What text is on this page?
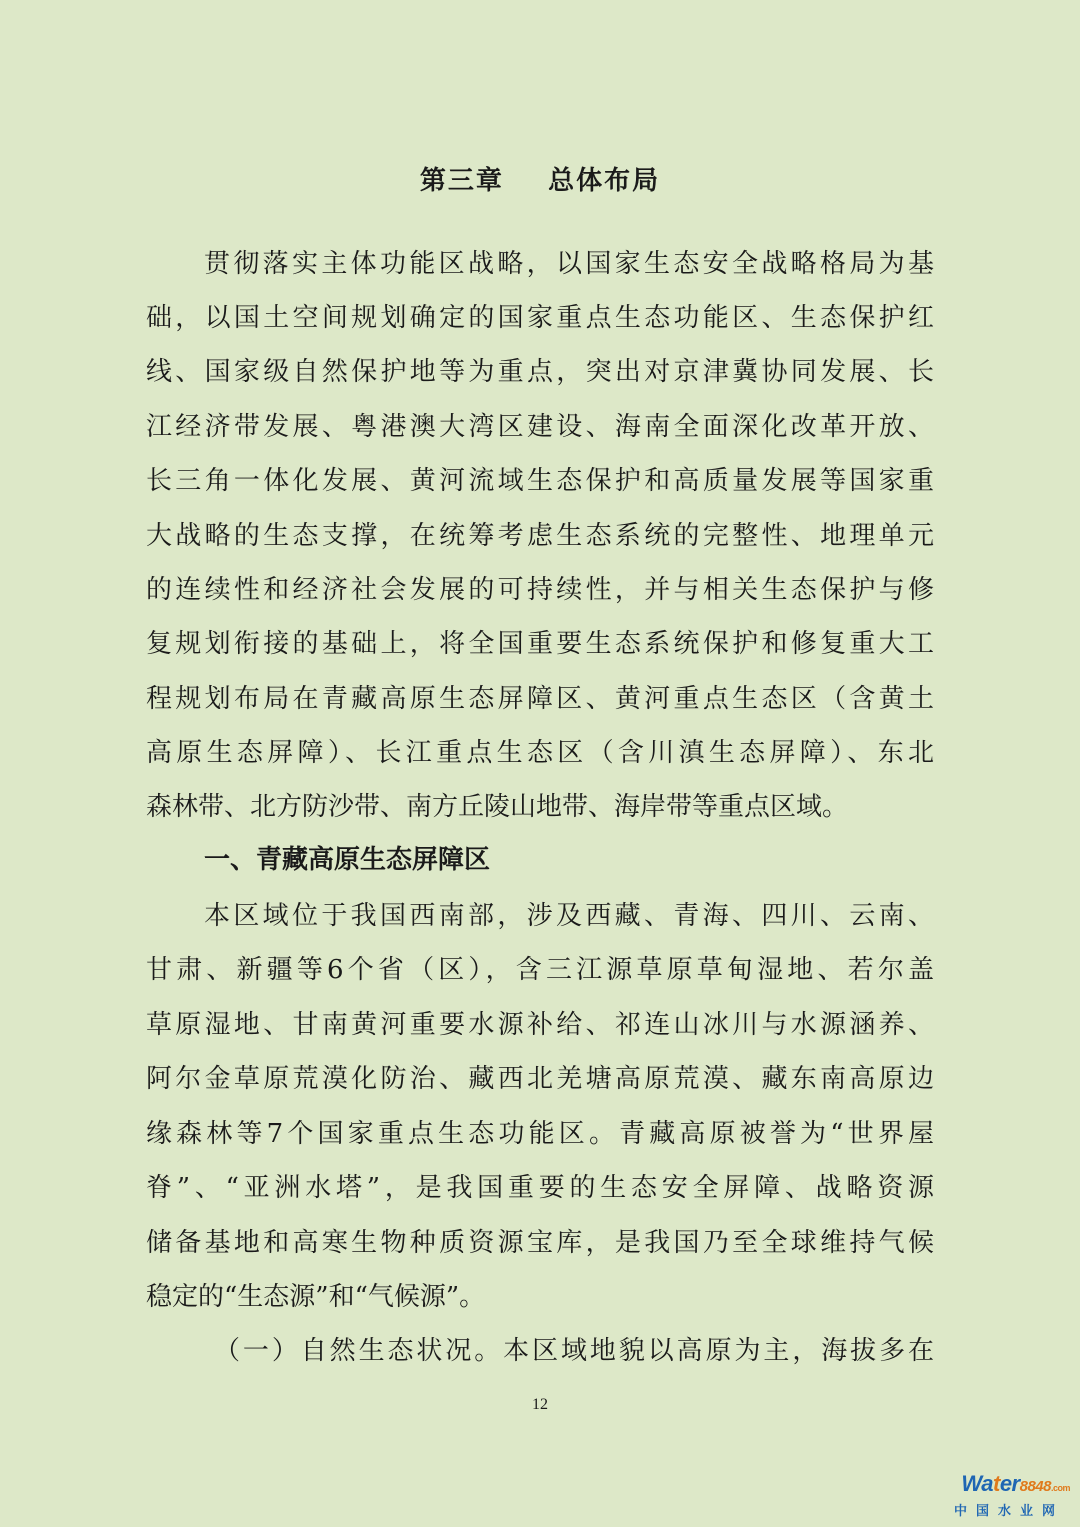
第三章    总体布局
贯彻落实主体功能区战略，以国家生态安全战略格局为基
础，以国土空间规划确定的国家重点生态功能区、生态保护红
线、国家级自然保护地等为重点，突出对京津冀协同发展、长
江经济带发展、粤港澳大湾区建设、海南全面深化改革开放、
长三角一体化发展、黄河流域生态保护和高质量发展等国家重
大战略的生态支撑，在统筹考虑生态系统的完整性、地理单元
的连续性和经济社会发展的可持续性，并与相关生态保护与修
复规划衔接的基础上，将全国重要生态系统保护和修复重大工
程规划布局在青藏高原生态屏障区、黄河重点生态区（含黄土
高原生态屏障）、长江重点生态区（含川滇生态屏障）、东北
森林带、北方防沙带、南方丘陵山地带、海岸带等重点区域。
一、青藏高原生态屏障区
本区域位于我国西南部，涉及西藏、青海、四川、云南、
甘肃、新疆等6个省（区），含三江源草原草甸湿地、若尔盖
草原湿地、甘南黄河重要水源补给、祁连山冰川与水源涵养、
阿尔金草原荒漠化防治、藏西北羌塘高原荒漠、藏东南高原边
缘森林等7个国家重点生态功能区。青藏高原被誉为“世界屋
脊”、“亚洲水塔”，是我国重要的生态安全屏障、战略资源
储备基地和高寒生物种质资源宝库，是我国乃至全球维持气候
稳定的“生态源”和“气候源”。
（一）自然生态状况。本区域地貌以高原为主，海拔多在
12
Water8848.com
中国水业网
